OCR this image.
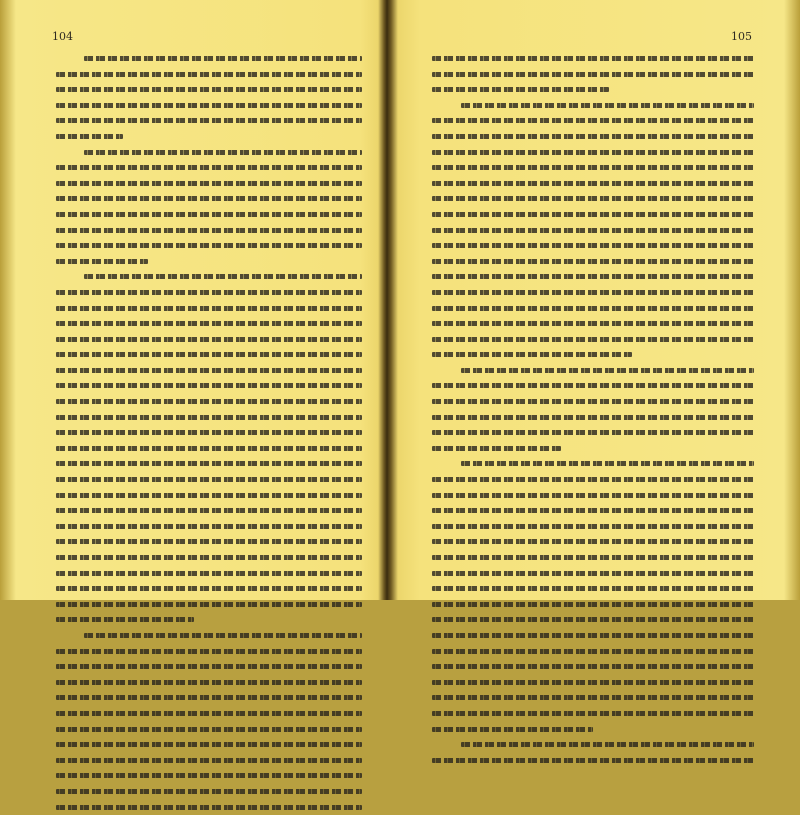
104	105
